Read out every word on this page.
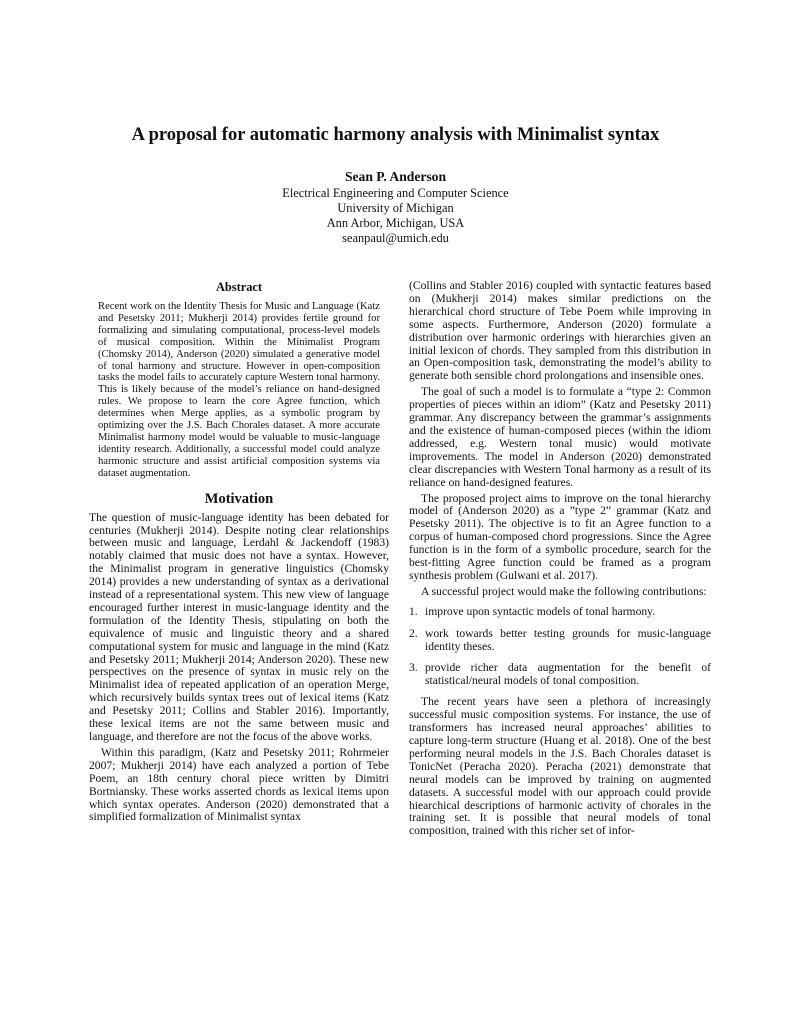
A proposal for automatic harmony analysis with Minimalist syntax
Sean P. Anderson
Electrical Engineering and Computer Science
University of Michigan
Ann Arbor, Michigan, USA
seanpaul@umich.edu
Abstract

Recent work on the Identity Thesis for Music and Language (Katz and Pesetsky 2011; Mukherji 2014) provides fertile ground for formalizing and simulating computational, process-level models of musical composition. Within the Minimalist Program (Chomsky 2014), Anderson (2020) simulated a generative model of tonal harmony and structure. However in open-composition tasks the model fails to accurately capture Western tonal harmony. This is likely because of the model’s reliance on hand-designed rules. We propose to learn the core Agree function, which determines when Merge applies, as a symbolic program by optimizing over the J.S. Bach Chorales dataset. A more accurate Minimalist harmony model would be valuable to music-language identity research. Additionally, a successful model could analyze harmonic structure and assist artificial composition systems via dataset augmentation.

Motivation

The question of music-language identity has been debated for centuries (Mukherji 2014). Despite noting clear relationships between music and language, Lerdahl & Jackendoff (1983) notably claimed that music does not have a syntax. However, the Minimalist program in generative linguistics (Chomsky 2014) provides a new understanding of syntax as a derivational instead of a representational system. This new view of language encouraged further interest in music-language identity and the formulation of the Identity Thesis, stipulating on both the equivalence of music and linguistic theory and a shared computational system for music and language in the mind (Katz and Pesetsky 2011; Mukherji 2014; Anderson 2020). These new perspectives on the presence of syntax in music rely on the Minimalist idea of repeated application of an operation Merge, which recursively builds syntax trees out of lexical items (Katz and Pesetsky 2011; Collins and Stabler 2016). Importantly, these lexical items are not the same between music and language, and therefore are not the focus of the above works.

Within this paradigm, (Katz and Pesetsky 2011; Rohrmeier 2007; Mukherji 2014) have each analyzed a portion of Tebe Poem, an 18th century choral piece written by Dimitri Bortniansky. These works asserted chords as lexical items upon which syntax operates. Anderson (2020) demonstrated that a simplified formalization of Minimalist syntax

(Collins and Stabler 2016) coupled with syntactic features based on (Mukherji 2014) makes similar predictions on the hierarchical chord structure of Tebe Poem while improving in some aspects. Furthermore, Anderson (2020) formulate a distribution over harmonic orderings with hierarchies given an initial lexicon of chords. They sampled from this distribution in an Open-composition task, demonstrating the model’s ability to generate both sensible chord prolongations and insensible ones.

The goal of such a model is to formulate a “type 2: Common properties of pieces within an idiom” (Katz and Pesetsky 2011) grammar. Any discrepancy between the grammar’s assignments and the existence of human-composed pieces (within the idiom addressed, e.g. Western tonal music) would motivate improvements. The model in Anderson (2020) demonstrated clear discrepancies with Western Tonal harmony as a result of its reliance on hand-designed features.

The proposed project aims to improve on the tonal hierarchy model of (Anderson 2020) as a ”type 2” grammar (Katz and Pesetsky 2011). The objective is to fit an Agree function to a corpus of human-composed chord progressions. Since the Agree function is in the form of a symbolic procedure, search for the best-fitting Agree function could be framed as a program synthesis problem (Gulwani et al. 2017).

A successful project would make the following contributions:

1. improve upon syntactic models of tonal harmony.
2. work towards better testing grounds for music-language identity theses.
3. provide richer data augmentation for the benefit of statistical/neural models of tonal composition.

The recent years have seen a plethora of increasingly successful music composition systems. For instance, the use of transformers has increased neural approaches’ abilities to capture long-term structure (Huang et al. 2018). One of the best performing neural models in the J.S. Bach Chorales dataset is TonicNet (Peracha 2020). Peracha (2021) demonstrate that neural models can be improved by training on augmented datasets. A successful model with our approach could provide hiearchical descriptions of harmonic activity of chorales in the training set. It is possible that neural models of tonal composition, trained with this richer set of infor-
